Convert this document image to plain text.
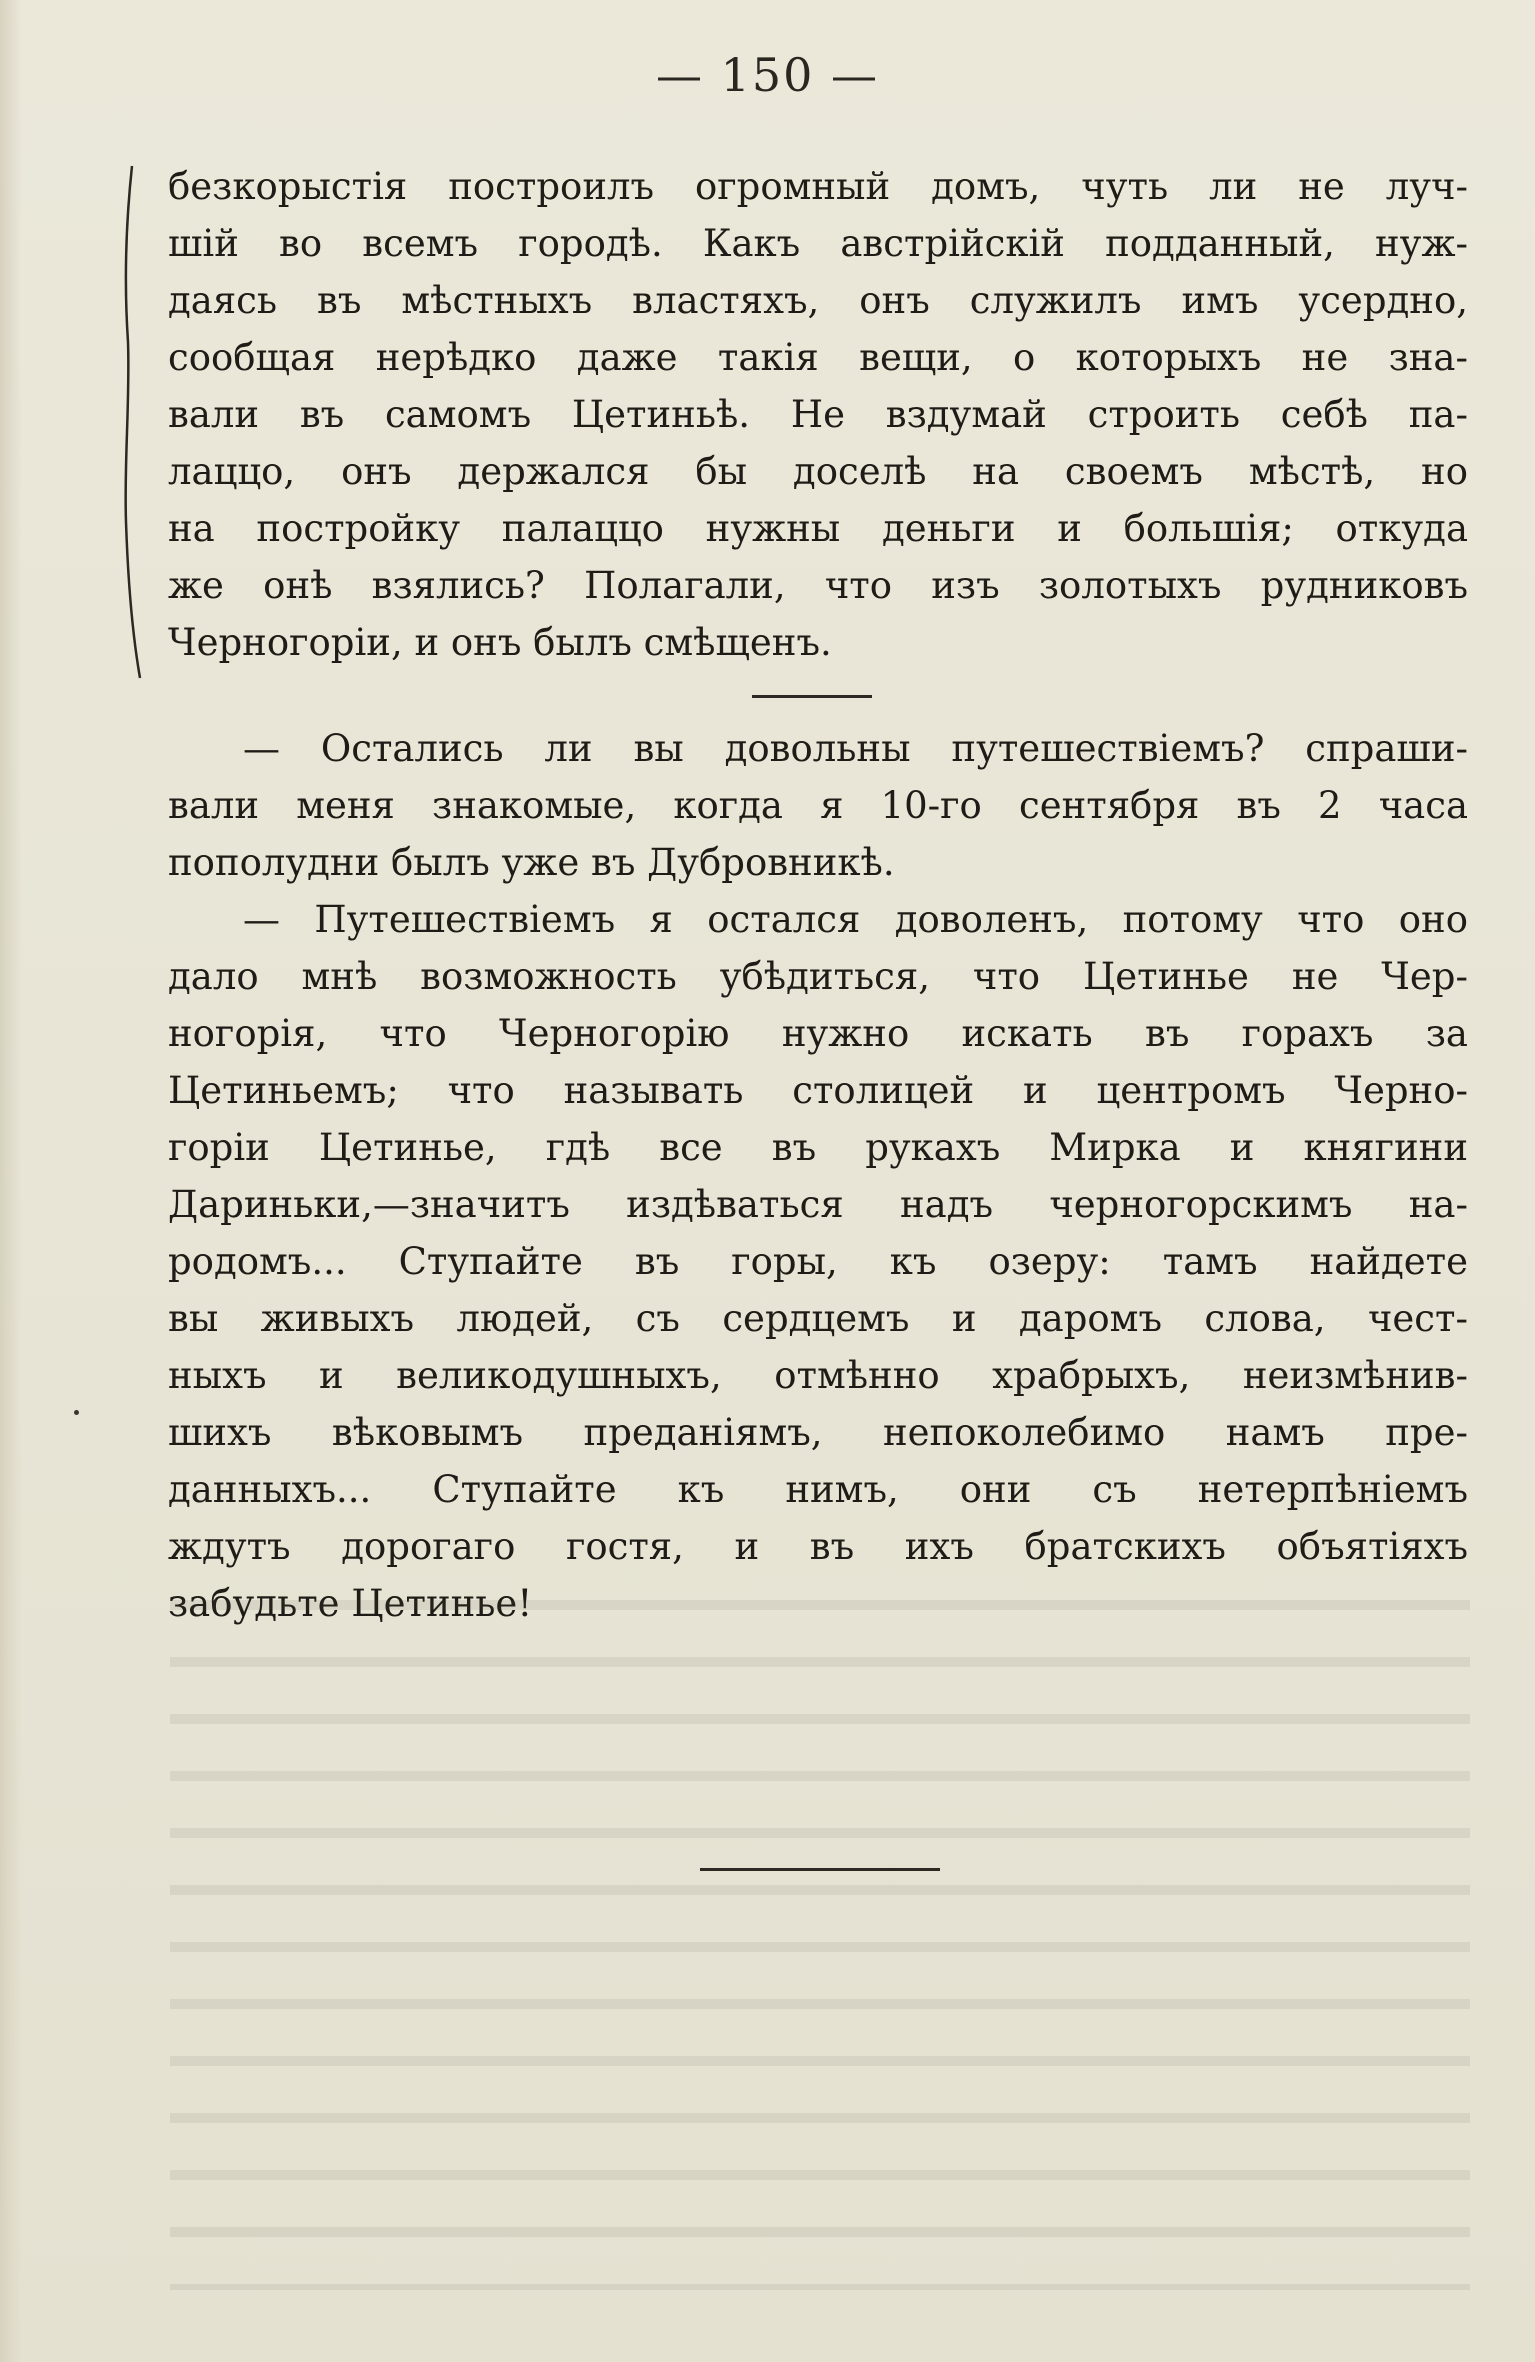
— 150 —
безкорыстія построилъ огромный домъ, чуть ли не луч-
шій во всемъ городѣ. Какъ австрійскій подданный, нуж-
даясь въ мѣстныхъ властяхъ, онъ служилъ имъ усердно,
сообщая нерѣдко даже такія вещи, о которыхъ не зна-
вали въ самомъ Цетиньѣ. Не вздумай строить себѣ па-
лаццо, онъ держался бы доселѣ на своемъ мѣстѣ, но
на постройку палаццо нужны деньги и большія; откуда
же онѣ взялись? Полагали, что изъ золотыхъ рудниковъ
Черногоріи, и онъ былъ смѣщенъ.
— Остались ли вы довольны путешествіемъ? спраши-
вали меня знакомые, когда я 10-го сентября въ 2 часа
пополудни былъ уже въ Дубровникѣ.
— Путешествіемъ я остался доволенъ, потому что оно
дало мнѣ возможность убѣдиться, что Цетинье не Чер-
ногорія, что Черногорію нужно искать въ горахъ за
Цетиньемъ; что называть столицей и центромъ Черно-
горіи Цетинье, гдѣ все въ рукахъ Мирка и княгини
Дариньки,—значитъ издѣваться надъ черногорскимъ на-
родомъ... Ступайте въ горы, къ озеру: тамъ найдете
вы живыхъ людей, съ сердцемъ и даромъ слова, чест-
ныхъ и великодушныхъ, отмѣнно храбрыхъ, неизмѣнив-
шихъ вѣковымъ преданіямъ, непоколебимо намъ пре-
данныхъ... Ступайте къ нимъ, они съ нетерпѣніемъ
ждутъ дорогаго гостя, и въ ихъ братскихъ объятіяхъ
забудьте Цетинье!
